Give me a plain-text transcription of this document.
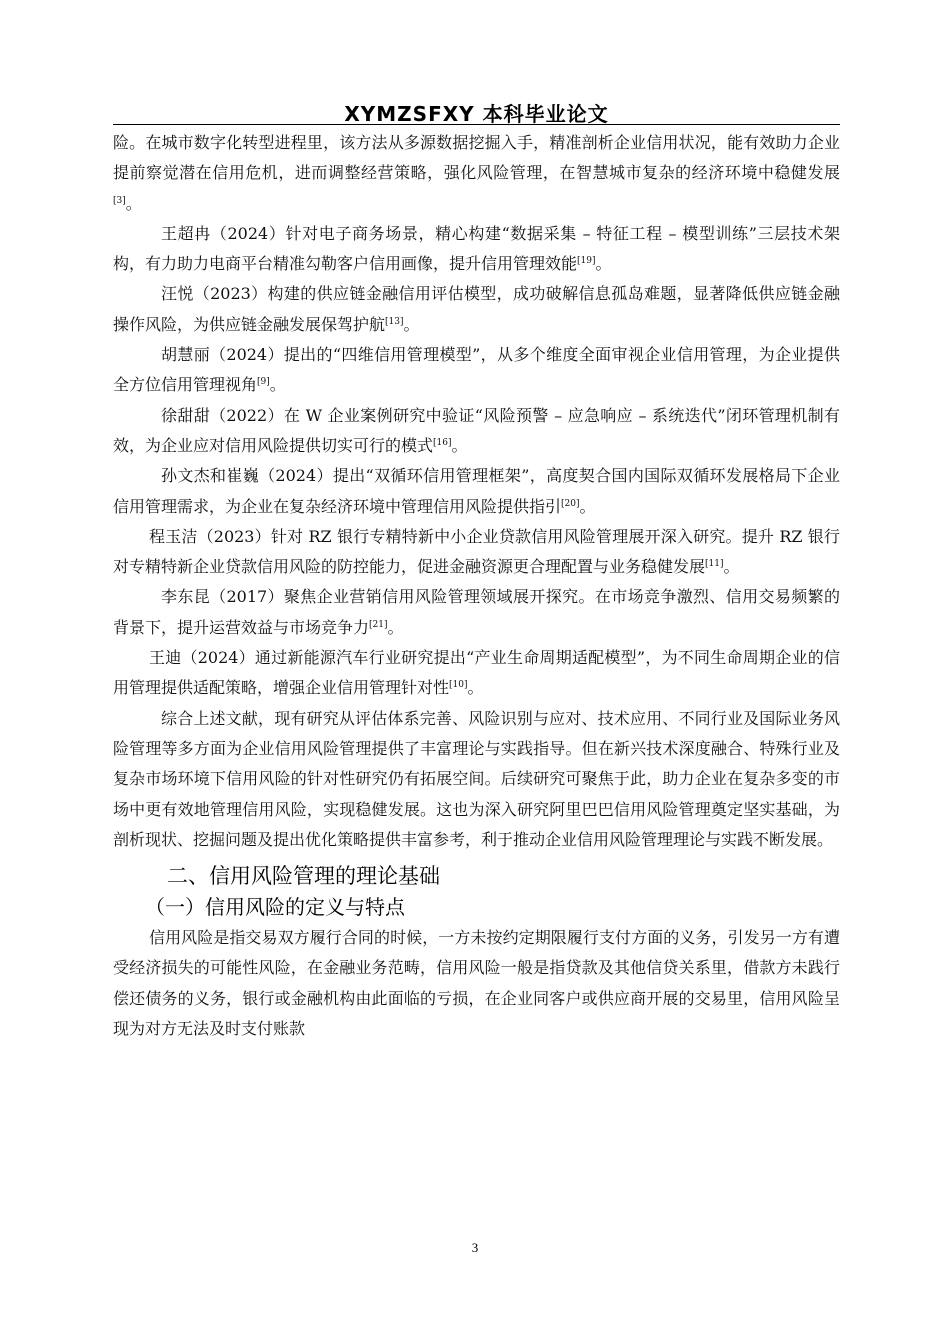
XYMZSFXY 本科毕业论文

险。在城市数字化转型进程里，该方法从多源数据挖掘入手，精准剖析企业信用状况，能有效助力企业提前察觉潜在信用危机，进而调整经营策略，强化风险管理，在智慧城市复杂的经济环境中稳健发展[3]。

王超冉（2024）针对电子商务场景，精心构建“数据采集 – 特征工程 – 模型训练”三层技术架构，有力助力电商平台精准勾勒客户信用画像，提升信用管理效能[19]。

汪悦（2023）构建的供应链金融信用评估模型，成功破解信息孤岛难题，显著降低供应链金融操作风险，为供应链金融发展保驾护航[13]。

胡慧丽（2024）提出的“四维信用管理模型”，从多个维度全面审视企业信用管理，为企业提供全方位信用管理视角[9]。

徐甜甜（2022）在 W 企业案例研究中验证“风险预警 – 应急响应 – 系统迭代”闭环管理机制有效，为企业应对信用风险提供切实可行的模式[16]。

孙文杰和崔巍（2024）提出“双循环信用管理框架”，高度契合国内国际双循环发展格局下企业信用管理需求，为企业在复杂经济环境中管理信用风险提供指引[20]。

程玉洁（2023）针对 RZ 银行专精特新中小企业贷款信用风险管理展开深入研究。提升 RZ 银行对专精特新企业贷款信用风险的防控能力，促进金融资源更合理配置与业务稳健发展[11]。

李东昆（2017）聚焦企业营销信用风险管理领域展开探究。在市场竞争激烈、信用交易频繁的背景下，提升运营效益与市场竞争力[21]。

王迪（2024）通过新能源汽车行业研究提出“产业生命周期适配模型”，为不同生命周期企业的信用管理提供适配策略，增强企业信用管理针对性[10]。

综合上述文献，现有研究从评估体系完善、风险识别与应对、技术应用、不同行业及国际业务风险管理等多方面为企业信用风险管理提供了丰富理论与实践指导。但在新兴技术深度融合、特殊行业及复杂市场环境下信用风险的针对性研究仍有拓展空间。后续研究可聚焦于此，助力企业在复杂多变的市场中更有效地管理信用风险，实现稳健发展。这也为深入研究阿里巴巴信用风险管理奠定坚实基础，为剖析现状、挖掘问题及提出优化策略提供丰富参考，利于推动企业信用风险管理理论与实践不断发展。

二、信用风险管理的理论基础
（一）信用风险的定义与特点

信用风险是指交易双方履行合同的时候，一方未按约定期限履行支付方面的义务，引发另一方有遭受经济损失的可能性风险，在金融业务范畴，信用风险一般是指贷款及其他信贷关系里，借款方未践行偿还债务的义务，银行或金融机构由此面临的亏损，在企业同客户或供应商开展的交易里，信用风险呈现为对方无法及时支付账款

3
